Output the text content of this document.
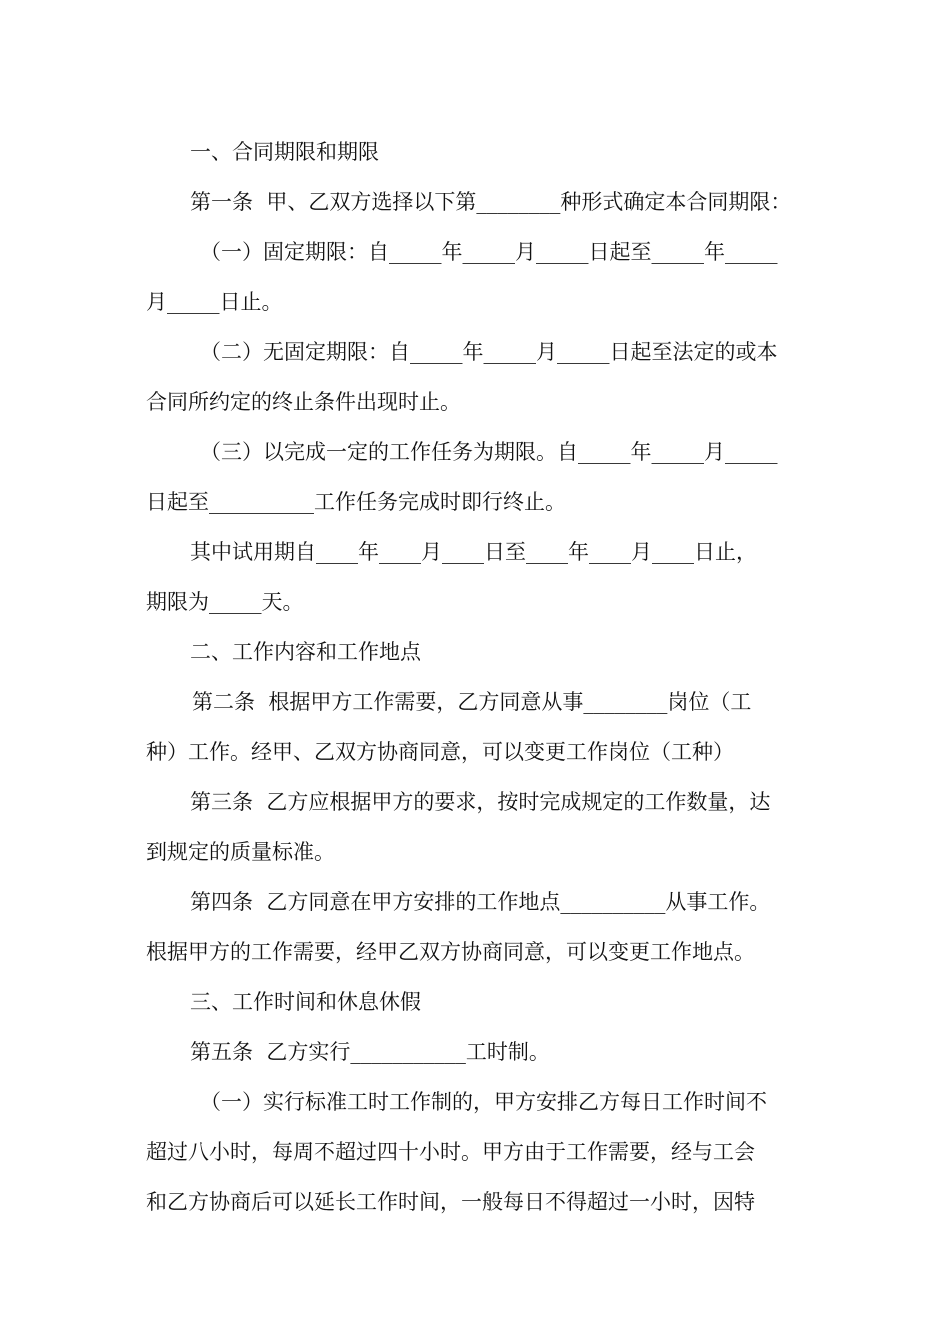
一、合同期限和期限
第一条  甲、乙双方选择以下第________种形式确定本合同期限：
（一）固定期限：自_____年_____月_____日起至_____年_____
月_____日止。
（二）无固定期限：自_____年_____月_____日起至法定的或本
合同所约定的终止条件出现时止。
（三）以完成一定的工作任务为期限。自_____年_____月_____
日起至__________工作任务完成时即行终止。
其中试用期自____年____月____日至____年____月____日止，
期限为_____天。
二、工作内容和工作地点
第二条  根据甲方工作需要，乙方同意从事________岗位（工
种）工作。经甲、乙双方协商同意，可以变更工作岗位（工种）
第三条  乙方应根据甲方的要求，按时完成规定的工作数量，达
到规定的质量标准。
第四条  乙方同意在甲方安排的工作地点__________从事工作。
根据甲方的工作需要，经甲乙双方协商同意，可以变更工作地点。
三、工作时间和休息休假
第五条  乙方实行___________工时制。
（一）实行标准工时工作制的，甲方安排乙方每日工作时间不
超过八小时，每周不超过四十小时。甲方由于工作需要，经与工会
和乙方协商后可以延长工作时间，一般每日不得超过一小时，因特
